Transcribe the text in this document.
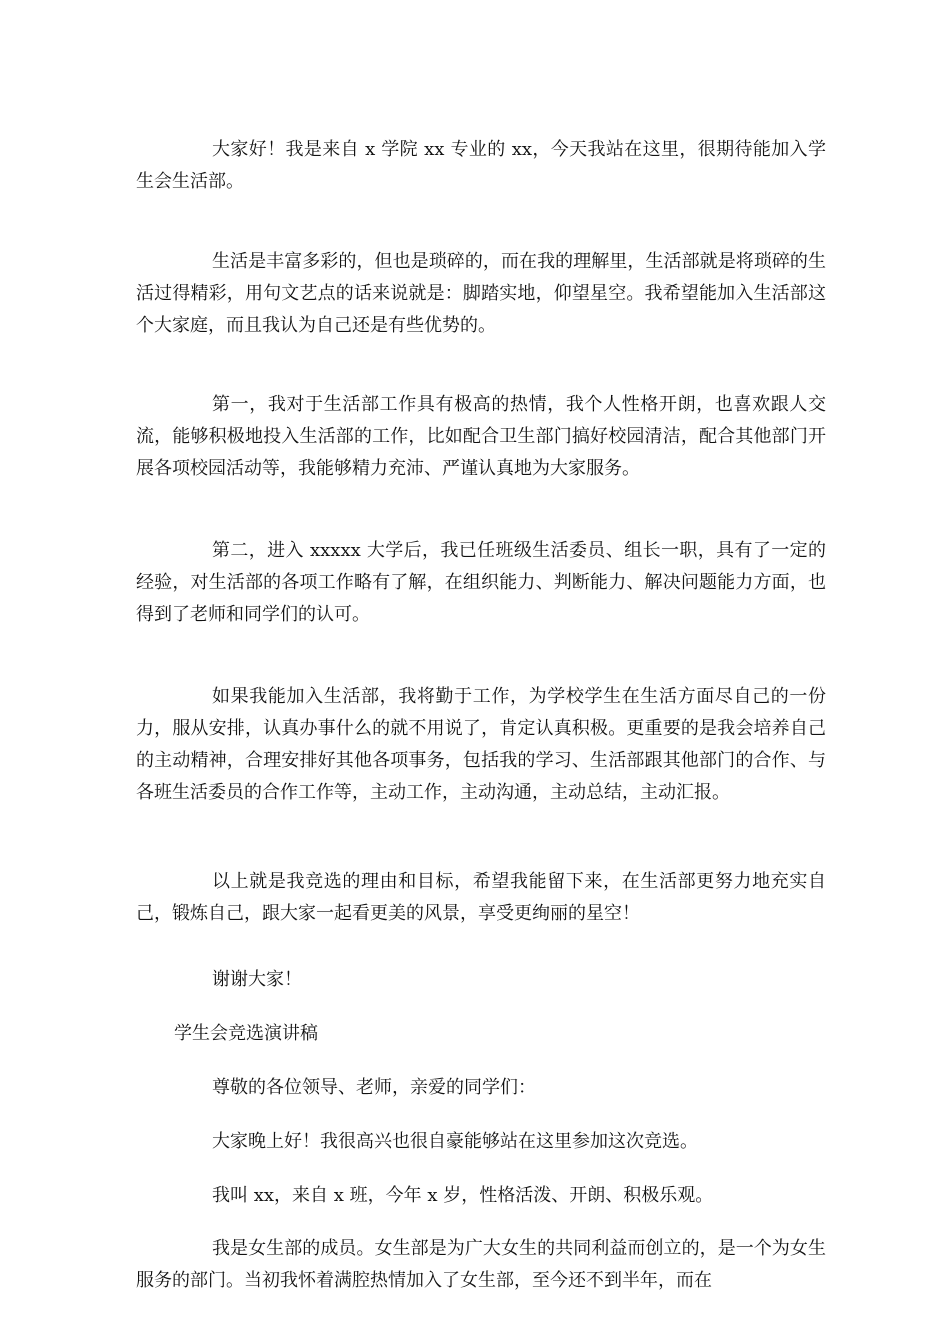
大家好！我是来自 x 学院 xx 专业的 xx，今天我站在这里，很期待能加入学生会生活部。

生活是丰富多彩的，但也是琐碎的，而在我的理解里，生活部就是将琐碎的生活过得精彩，用句文艺点的话来说就是：脚踏实地，仰望星空。我希望能加入生活部这个大家庭，而且我认为自己还是有些优势的。

第一，我对于生活部工作具有极高的热情，我个人性格开朗，也喜欢跟人交流，能够积极地投入生活部的工作，比如配合卫生部门搞好校园清洁，配合其他部门开展各项校园活动等，我能够精力充沛、严谨认真地为大家服务。

第二，进入 xxxxx 大学后，我已任班级生活委员、组长一职，具有了一定的经验，对生活部的各项工作略有了解，在组织能力、判断能力、解决问题能力方面，也得到了老师和同学们的认可。

如果我能加入生活部，我将勤于工作，为学校学生在生活方面尽自己的一份力，服从安排，认真办事什么的就不用说了，肯定认真积极。更重要的是我会培养自己的主动精神，合理安排好其他各项事务，包括我的学习、生活部跟其他部门的合作、与各班生活委员的合作工作等，主动工作，主动沟通，主动总结，主动汇报。

以上就是我竞选的理由和目标，希望我能留下来，在生活部更努力地充实自己，锻炼自己，跟大家一起看更美的风景，享受更绚丽的星空！

谢谢大家！

学生会竞选演讲稿

尊敬的各位领导、老师，亲爱的同学们：

大家晚上好！我很高兴也很自豪能够站在这里参加这次竞选。

我叫 xx，来自 x 班，今年 x 岁，性格活泼、开朗、积极乐观。

我是女生部的成员。女生部是为广大女生的共同利益而创立的，是一个为女生服务的部门。当初我怀着满腔热情加入了女生部，至今还不到半年，而在
